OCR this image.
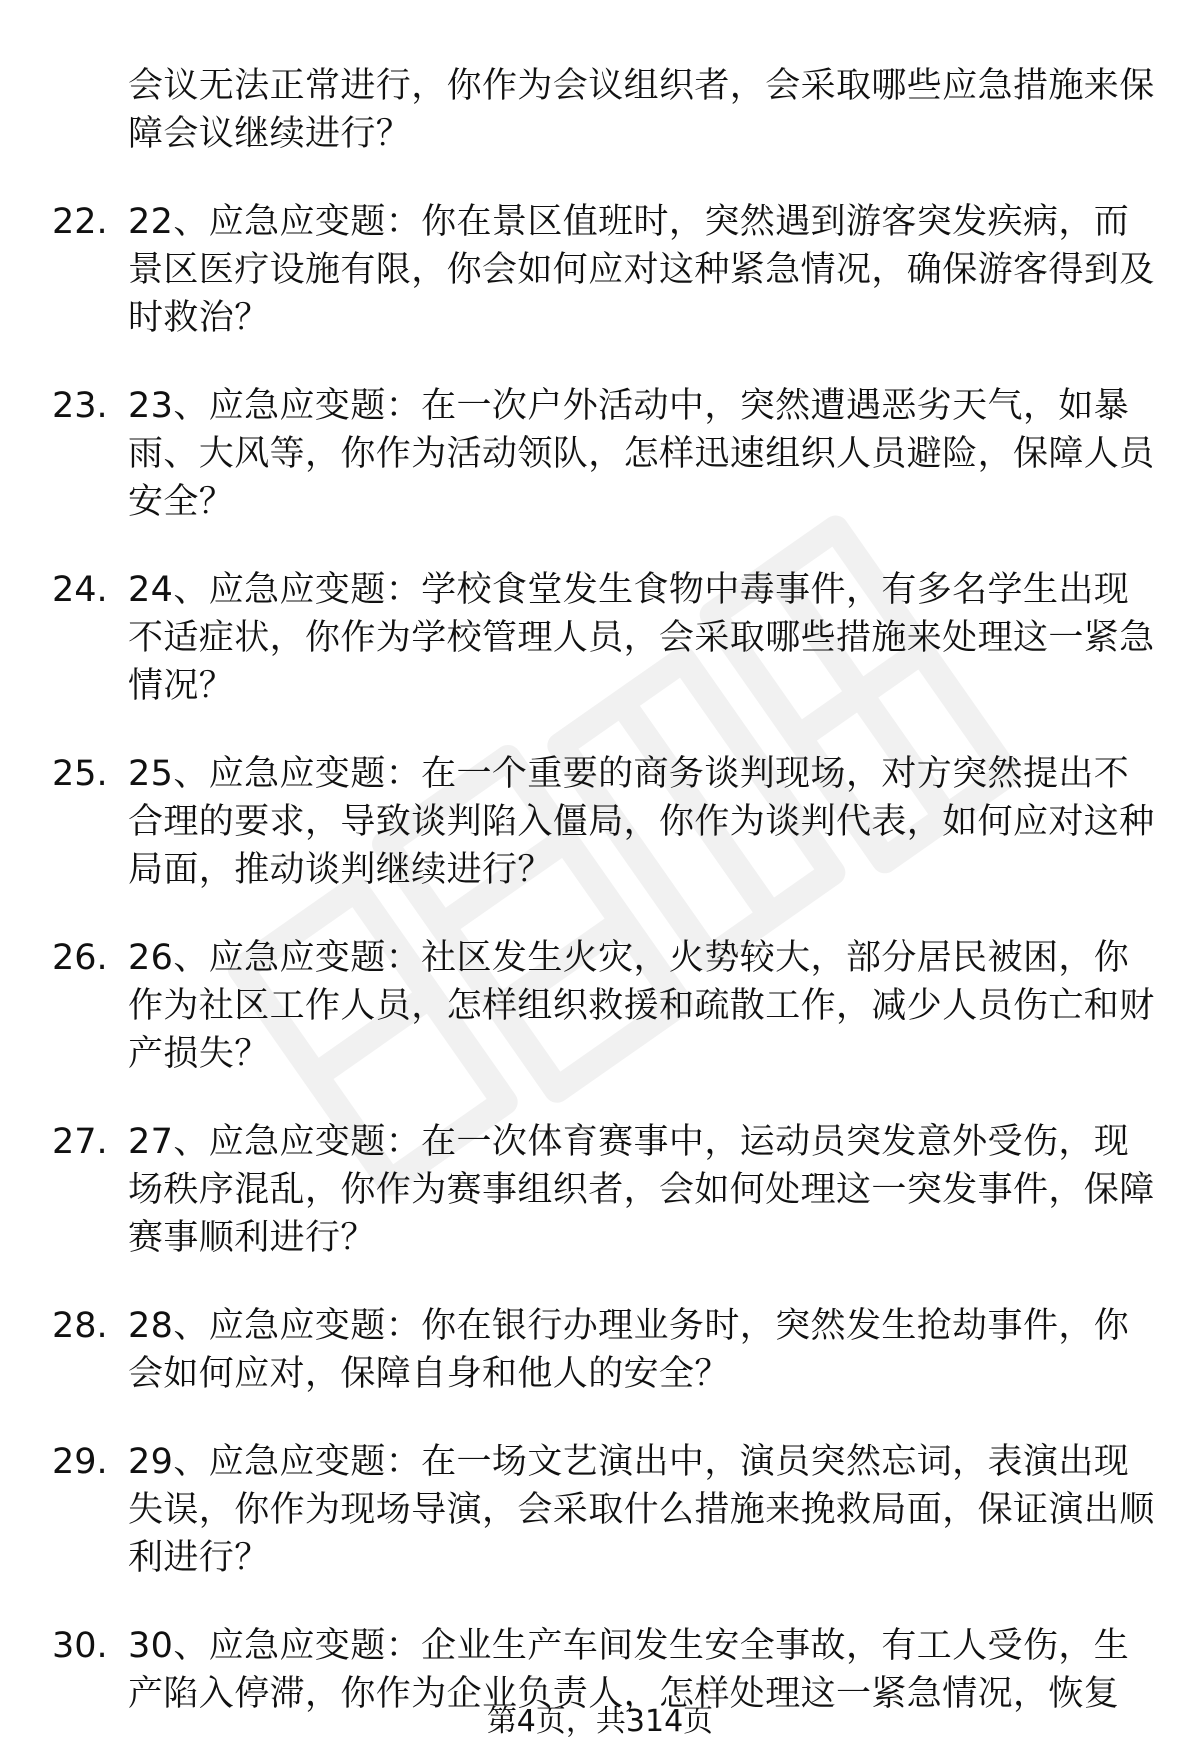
会议无法正常进行，你作为会议组织者，会采取哪些应急措施来保障会议继续进行？

22. 22、应急应变题：你在景区值班时，突然遇到游客突发疾病，而景区医疗设施有限，你会如何应对这种紧急情况，确保游客得到及时救治？
23. 23、应急应变题：在一次户外活动中，突然遭遇恶劣天气，如暴雨、大风等，你作为活动领队，怎样迅速组织人员避险，保障人员安全？
24. 24、应急应变题：学校食堂发生食物中毒事件，有多名学生出现不适症状，你作为学校管理人员，会采取哪些措施来处理这一紧急情况？
25. 25、应急应变题：在一个重要的商务谈判现场，对方突然提出不合理的要求，导致谈判陷入僵局，你作为谈判代表，如何应对这种局面，推动谈判继续进行？
26. 26、应急应变题：社区发生火灾，火势较大，部分居民被困，你作为社区工作人员，怎样组织救援和疏散工作，减少人员伤亡和财产损失？
27. 27、应急应变题：在一次体育赛事中，运动员突发意外受伤，现场秩序混乱，你作为赛事组织者，会如何处理这一突发事件，保障赛事顺利进行？
28. 28、应急应变题：你在银行办理业务时，突然发生抢劫事件，你会如何应对，保障自身和他人的安全？
29. 29、应急应变题：在一场文艺演出中，演员突然忘词，表演出现失误，你作为现场导演，会采取什么措施来挽救局面，保证演出顺利进行？
30. 30、应急应变题：企业生产车间发生安全事故，有工人受伤，生产陷入停滞，你作为企业负责人，怎样处理这一紧急情况，恢复
第4页，共314页
